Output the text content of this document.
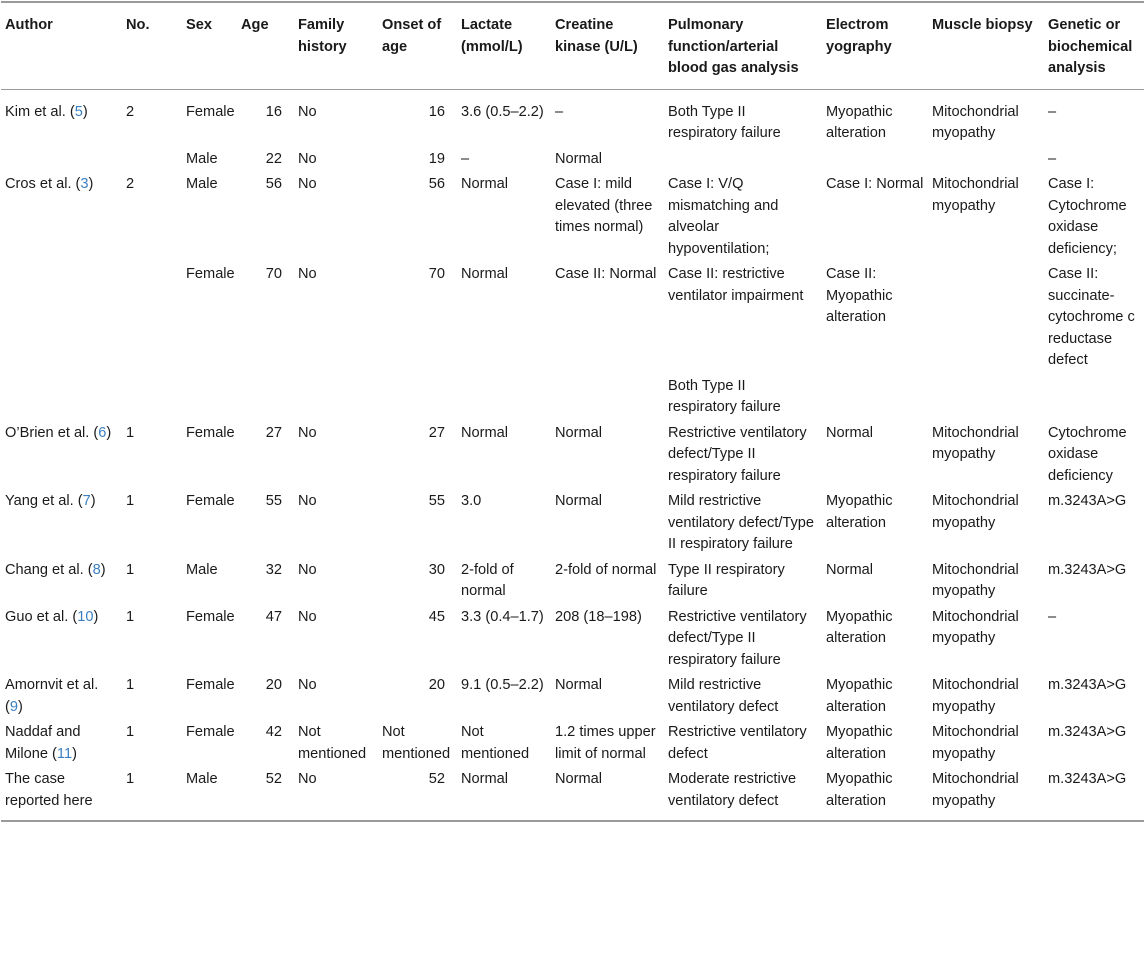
Author	No.	Sex	Age	Family history	Onset of age	Lactate (mmol/L)	Creatine kinase (U/L)	Pulmonary function/arterial blood gas analysis	Electrom yography	Muscle biopsy	Genetic or biochemical analysis
Kim et al. (5)	2	Female	16	No	16	3.6 (0.5–2.2)	–	Both Type II respiratory failure	Myopathic alteration	Mitochondrial myopathy	–
		Male	22	No	19	–	Normal				–
Cros et al. (3)	2	Male	56	No	56	Normal	Case I: mild elevated (three times normal)	Case I: V/Q mismatching and alveolar hypoventilation;	Case I: Normal	Mitochondrial myopathy	Case I: Cytochrome oxidase deficiency;
		Female	70	No	70	Normal	Case II: Normal	Case II: restrictive ventilator impairment	Case II: Myopathic alteration		Case II: succinate-cytochrome c reductase defect
								Both Type II respiratory failure			
O’Brien et al. (6)	1	Female	27	No	27	Normal	Normal	Restrictive ventilatory defect/Type II respiratory failure	Normal	Mitochondrial myopathy	Cytochrome oxidase deficiency
Yang et al. (7)	1	Female	55	No	55	3.0	Normal	Mild restrictive ventilatory defect/Type II respiratory failure	Myopathic alteration	Mitochondrial myopathy	m.3243A>G
Chang et al. (8)	1	Male	32	No	30	2-fold of normal	2-fold of normal	Type II respiratory failure	Normal	Mitochondrial myopathy	m.3243A>G
Guo et al. (10)	1	Female	47	No	45	3.3 (0.4–1.7)	208 (18–198)	Restrictive ventilatory defect/Type II respiratory failure	Myopathic alteration	Mitochondrial myopathy	–
Amornvit et al. (9)	1	Female	20	No	20	9.1 (0.5–2.2)	Normal	Mild restrictive ventilatory defect	Myopathic alteration	Mitochondrial myopathy	m.3243A>G
Naddaf and Milone (11)	1	Female	42	Not mentioned	Not mentioned	Not mentioned	1.2 times upper limit of normal	Restrictive ventilatory defect	Myopathic alteration	Mitochondrial myopathy	m.3243A>G
The case reported here	1	Male	52	No	52	Normal	Normal	Moderate restrictive ventilatory defect	Myopathic alteration	Mitochondrial myopathy	m.3243A>G
